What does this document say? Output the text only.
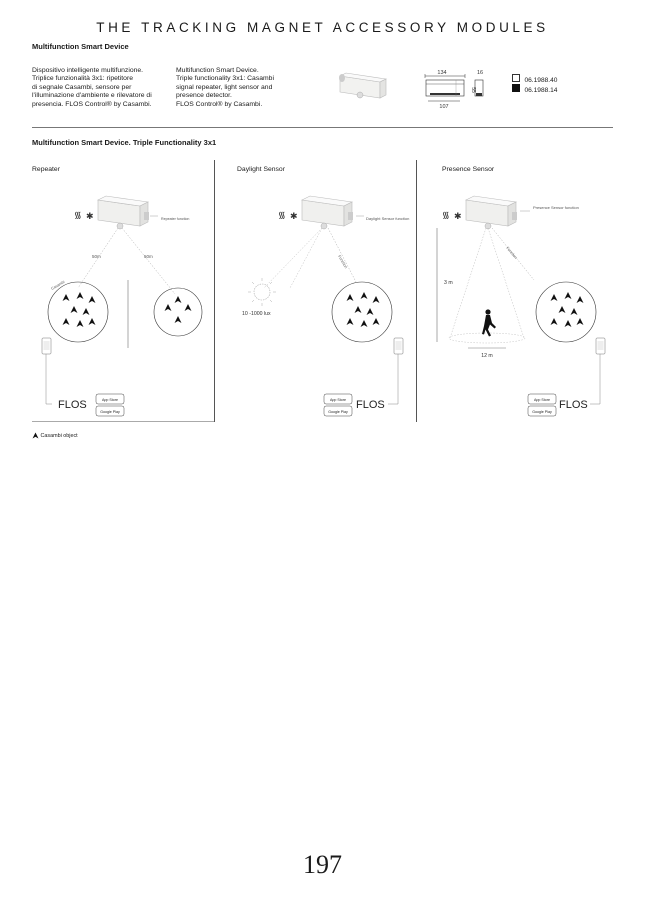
THE TRACKING MAGNET ACCESSORY MODULES
Multifunction Smart Device
Dispositivo intelligente multifunzione.
Triplice funzionalità 3x1: ripetitore
di segnale Casambi, sensore per
l'illuminazione d'ambiente e rilevatore di
presencia. FLOS Control® by Casambi.
Multifunction Smart Device.
Triple functionality 3x1: Casambi
signal repeater, light sensor and
presence detector.
FLOS Control® by Casambi.
134	16
55
107
06.1988.40
06.1988.14
Multifunction Smart Device. Triple Functionality 3x1
Repeater	Daylight Sensor	Presence Sensor
᯾ ✱	Repeater function
50m	50m
Casambi
FLOS	App Store
Google Play
᯾ ✱	Daylight Sensor function
Function
10 -1000 lux
App Store
Google Play
FLOS
᯾ ✱
Presence Sensor function
3 m
Function
12 m
App Store
Google Play
FLOS
Casambi object
197
